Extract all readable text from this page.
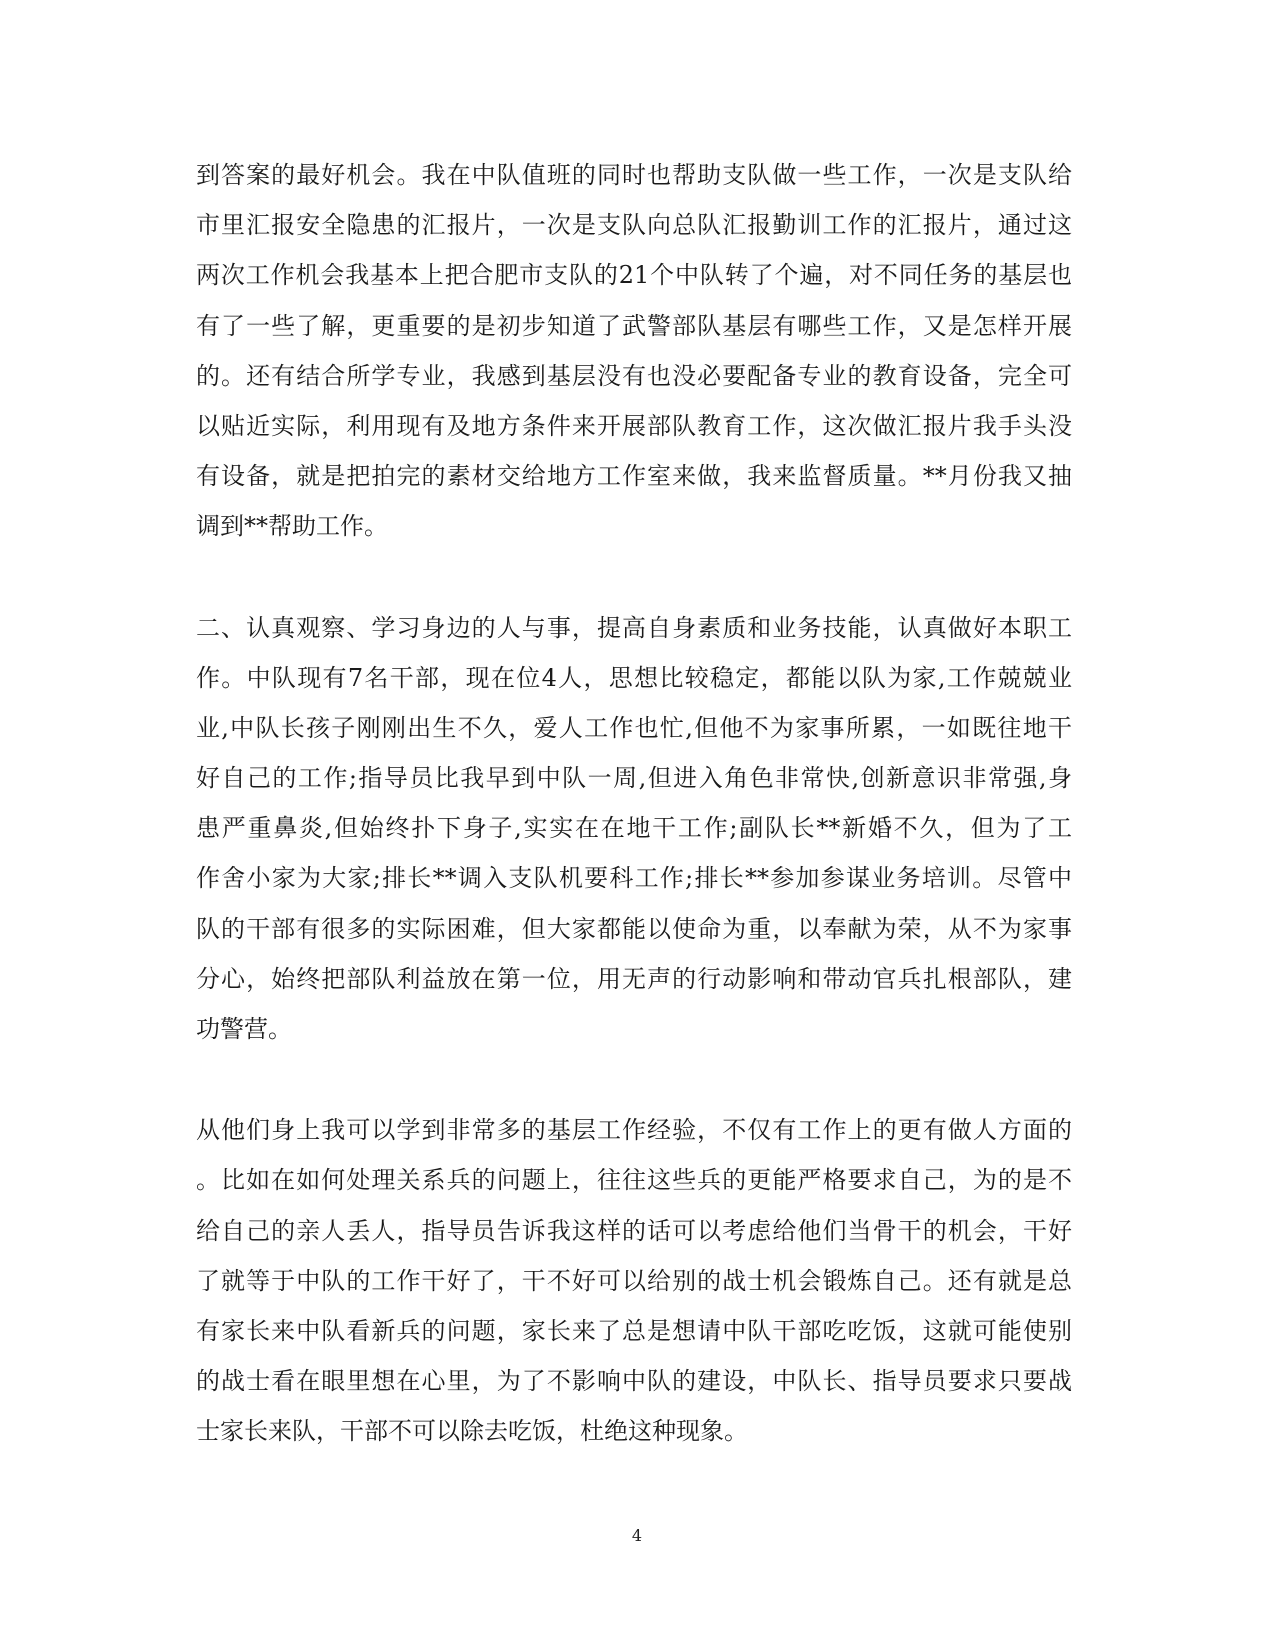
到答案的最好机会。我在中队值班的同时也帮助支队做一些工作，一次是支队给
市里汇报安全隐患的汇报片，一次是支队向总队汇报勤训工作的汇报片，通过这
两次工作机会我基本上把合肥市支队的21个中队转了个遍，对不同任务的基层也
有了一些了解，更重要的是初步知道了武警部队基层有哪些工作，又是怎样开展
的。还有结合所学专业，我感到基层没有也没必要配备专业的教育设备，完全可
以贴近实际，利用现有及地方条件来开展部队教育工作，这次做汇报片我手头没
有设备，就是把拍完的素材交给地方工作室来做，我来监督质量。**月份我又抽
调到**帮助工作。
二、认真观察、学习身边的人与事，提高自身素质和业务技能，认真做好本职工
作。中队现有7名干部，现在位4人，思想比较稳定，都能以队为家,工作兢兢业
业,中队长孩子刚刚出生不久，爱人工作也忙,但他不为家事所累，一如既往地干
好自己的工作;指导员比我早到中队一周,但进入角色非常快,创新意识非常强,身
患严重鼻炎,但始终扑下身子,实实在在地干工作;副队长**新婚不久，但为了工
作舍小家为大家;排长**调入支队机要科工作;排长**参加参谋业务培训。尽管中
队的干部有很多的实际困难，但大家都能以使命为重，以奉献为荣，从不为家事
分心，始终把部队利益放在第一位，用无声的行动影响和带动官兵扎根部队，建
功警营。
从他们身上我可以学到非常多的基层工作经验，不仅有工作上的更有做人方面的
。比如在如何处理关系兵的问题上，往往这些兵的更能严格要求自己，为的是不
给自己的亲人丢人，指导员告诉我这样的话可以考虑给他们当骨干的机会，干好
了就等于中队的工作干好了，干不好可以给别的战士机会锻炼自己。还有就是总
有家长来中队看新兵的问题，家长来了总是想请中队干部吃吃饭，这就可能使别
的战士看在眼里想在心里，为了不影响中队的建设，中队长、指导员要求只要战
士家长来队，干部不可以除去吃饭，杜绝这种现象。
4
